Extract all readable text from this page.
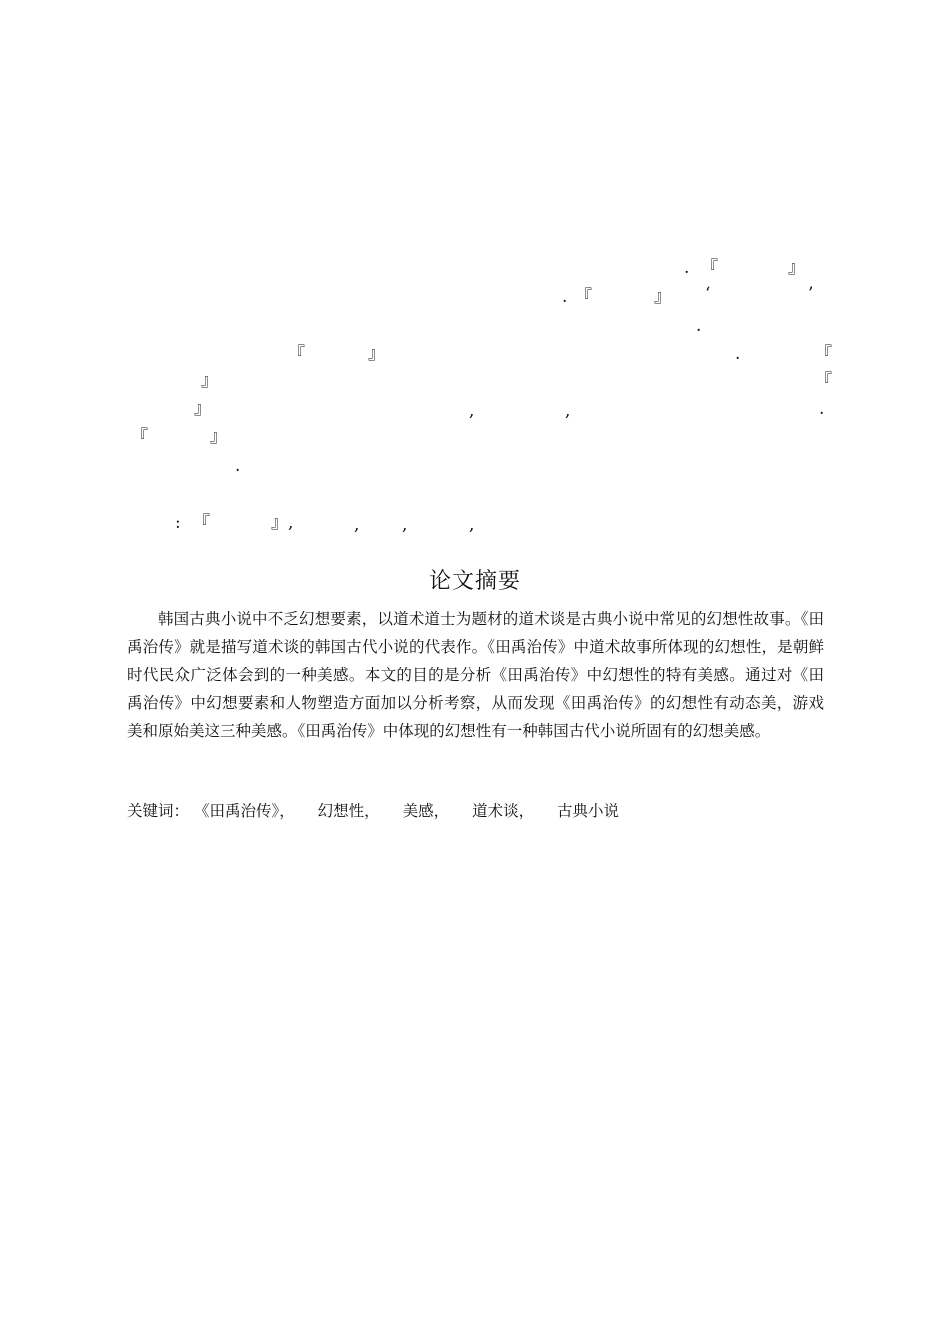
. 『	』
. 『	』 ‘	’
.
『	』	.	『
』	『
』	,	,	.
『	』
.
: 『	』,	,	,	,
论文摘要

韩国古典小说中不乏幻想要素，以道术道士为题材的道术谈是古典小说中常见的幻想性故事。《田禹治传》就是描写道术谈的韩国古代小说的代表作。《田禹治传》中道术故事所体现的幻想性，是朝鲜时代民众广泛体会到的一种美感。本文的目的是分析《田禹治传》中幻想性的特有美感。通过对《田禹治传》中幻想要素和人物塑造方面加以分析考察，从而发现《田禹治传》的幻想性有动态美，游戏美和原始美这三种美感。《田禹治传》中体现的幻想性有一种韩国古代小说所固有的幻想美感。

关键词： 《田禹治传》， 幻想性， 美感， 道术谈， 古典小说
